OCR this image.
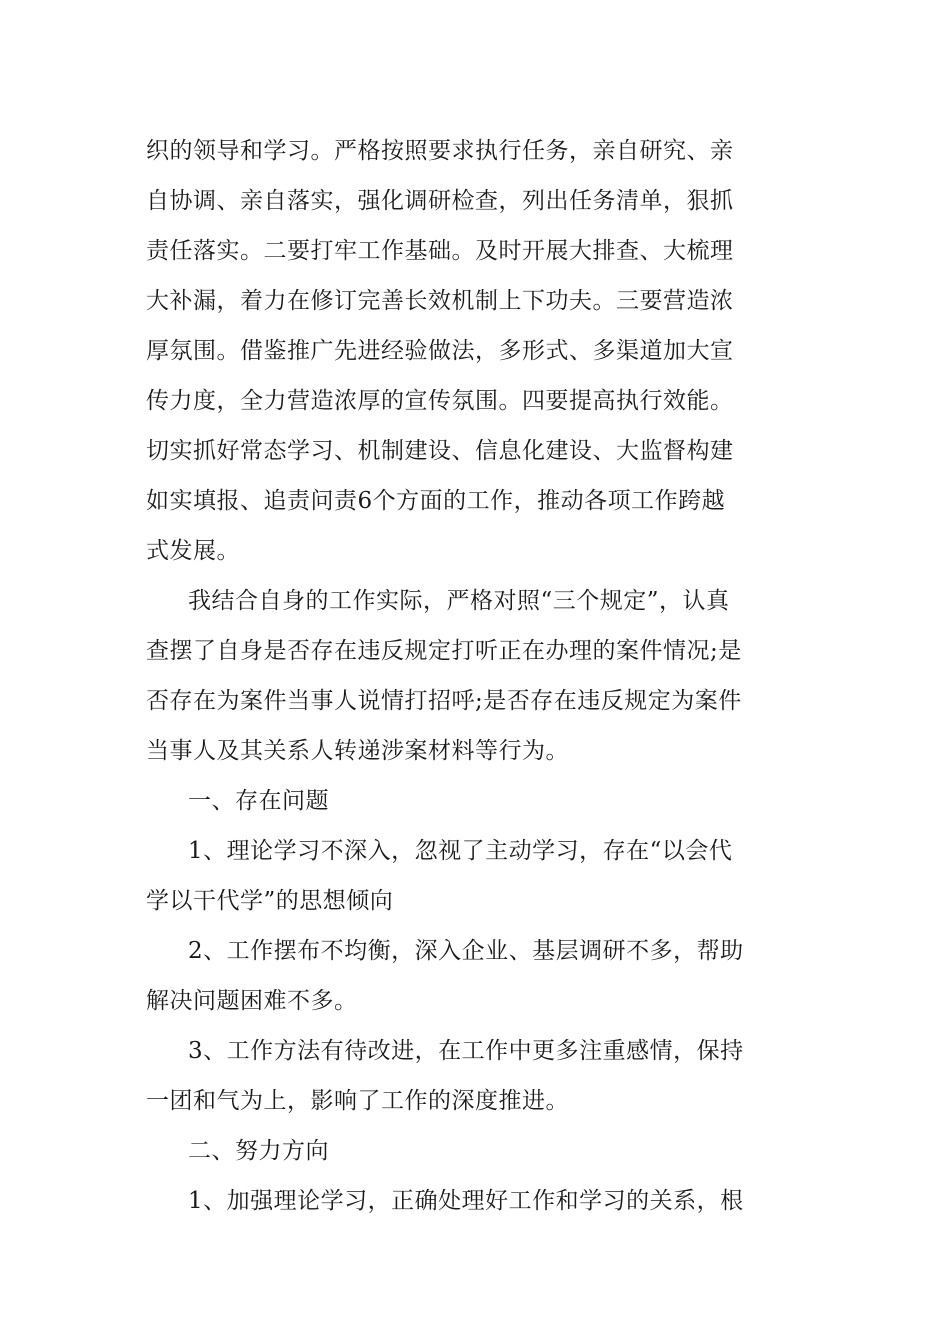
织的领导和学习。严格按照要求执行任务，亲自研究、亲
自协调、亲自落实，强化调研检查，列出任务清单，狠抓
责任落实。二要打牢工作基础。及时开展大排查、大梳理
大补漏，着力在修订完善长效机制上下功夫。三要营造浓
厚氛围。借鉴推广先进经验做法，多形式、多渠道加大宣
传力度，全力营造浓厚的宣传氛围。四要提高执行效能。
切实抓好常态学习、机制建设、信息化建设、大监督构建
如实填报、追责问责6个方面的工作，推动各项工作跨越
式发展。
我结合自身的工作实际，严格对照“三个规定”，认真
查摆了自身是否存在违反规定打听正在办理的案件情况;是
否存在为案件当事人说情打招呼;是否存在违反规定为案件
当事人及其关系人转递涉案材料等行为。
一、存在问题
1、理论学习不深入，忽视了主动学习，存在“以会代
学以干代学”的思想倾向
2、工作摆布不均衡，深入企业、基层调研不多，帮助
解决问题困难不多。
3、工作方法有待改进，在工作中更多注重感情，保持
一团和气为上，影响了工作的深度推进。
二、努力方向
1、加强理论学习，正确处理好工作和学习的关系，根
